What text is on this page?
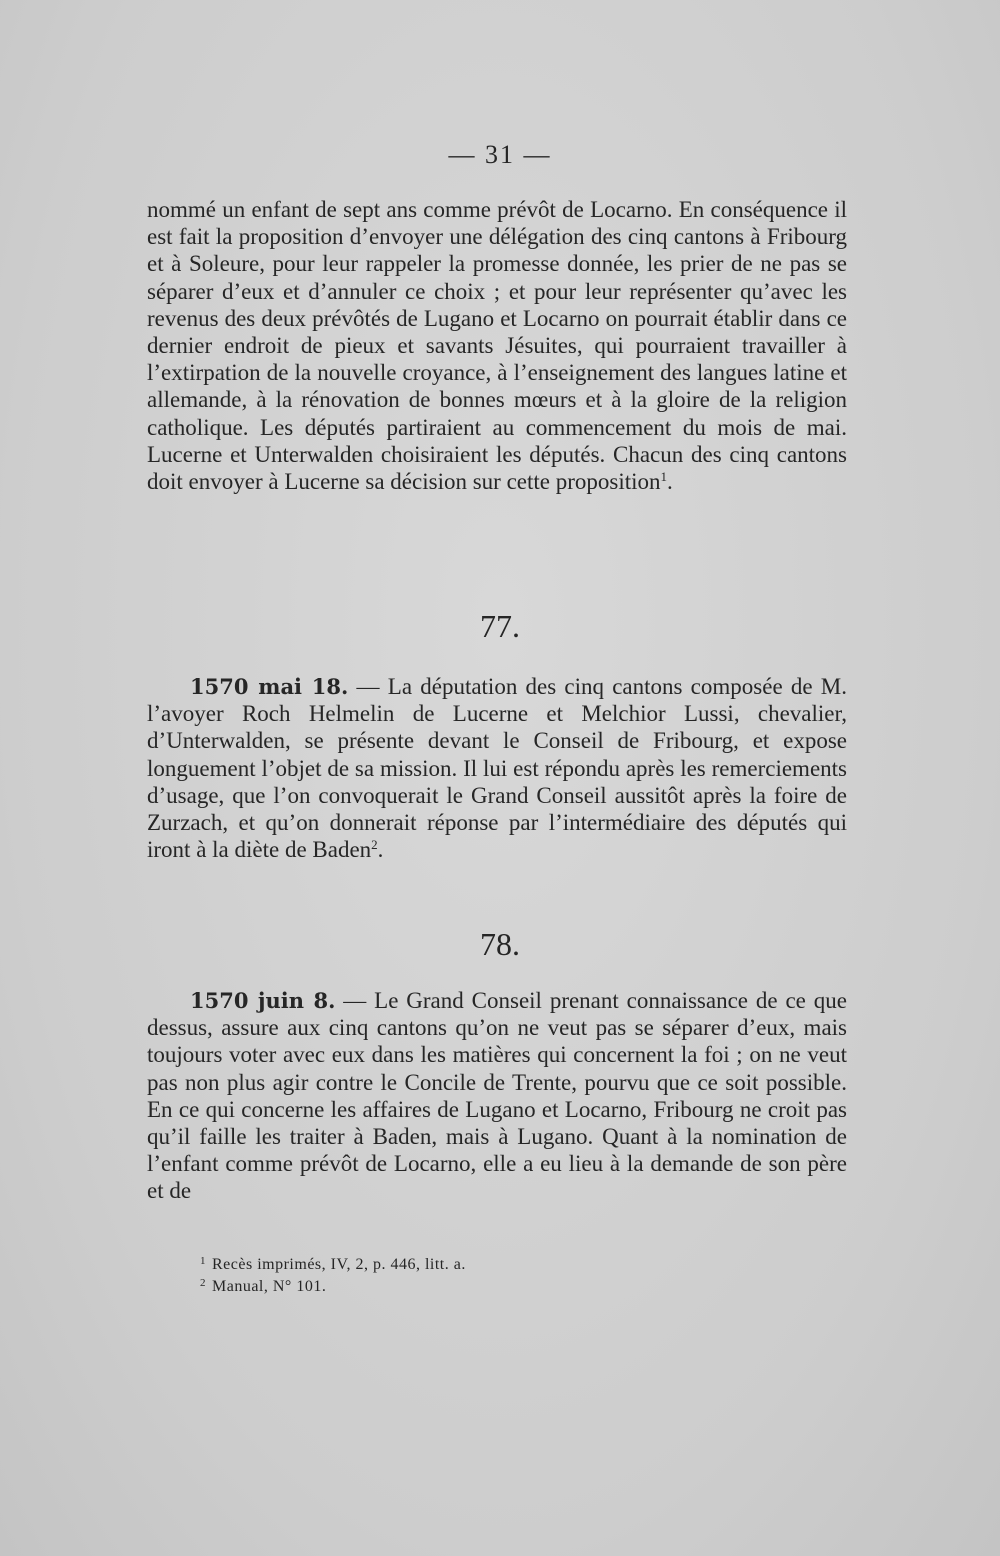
— 31 —

nommé un enfant de sept ans comme prévôt de Locarno. En conséquence il est fait la proposition d’envoyer une délégation des cinq cantons à Fribourg et à Soleure, pour leur rappeler la promesse donnée, les prier de ne pas se séparer d’eux et d’annuler ce choix ; et pour leur représenter qu’avec les revenus des deux prévôtés de Lugano et Locarno on pourrait établir dans ce dernier endroit de pieux et savants Jésuites, qui pourraient travailler à l’extirpation de la nouvelle croyance, à l’enseignement des langues latine et allemande, à la rénovation de bonnes mœurs et à la gloire de la religion catholique. Les députés partiraient au commencement du mois de mai. Lucerne et Unterwalden choisiraient les députés. Chacun des cinq cantons doit envoyer à Lucerne sa décision sur cette proposition$^1$.

77.

1570 mai 18. — La députation des cinq cantons composée de M. l’avoyer Roch Helmelin de Lucerne et Melchior Lussi, chevalier, d’Unterwalden, se présente devant le Conseil de Fribourg, et expose longuement l’objet de sa mission. Il lui est répondu après les remerciements d’usage, que l’on convoquerait le Grand Conseil aussitôt après la foire de Zurzach, et qu’on donnerait réponse par l’intermédiaire des députés qui iront à la diète de Baden$^2$.

78.

1570 juin 8. — Le Grand Conseil prenant connaissance de ce que dessus, assure aux cinq cantons qu’on ne veut pas se séparer d’eux, mais toujours voter avec eux dans les matières qui concernent la foi ; on ne veut pas non plus agir contre le Concile de Trente, pourvu que ce soit possible. En ce qui concerne les affaires de Lugano et Locarno, Fribourg ne croit pas qu’il faille les traiter à Baden, mais à Lugano. Quant à la nomination de l’enfant comme prévôt de Locarno, elle a eu lieu à la demande de son père et de

$^1$ Recès imprimés, IV, 2, p. 446, litt. a.
$^2$ Manual, N° 101.
